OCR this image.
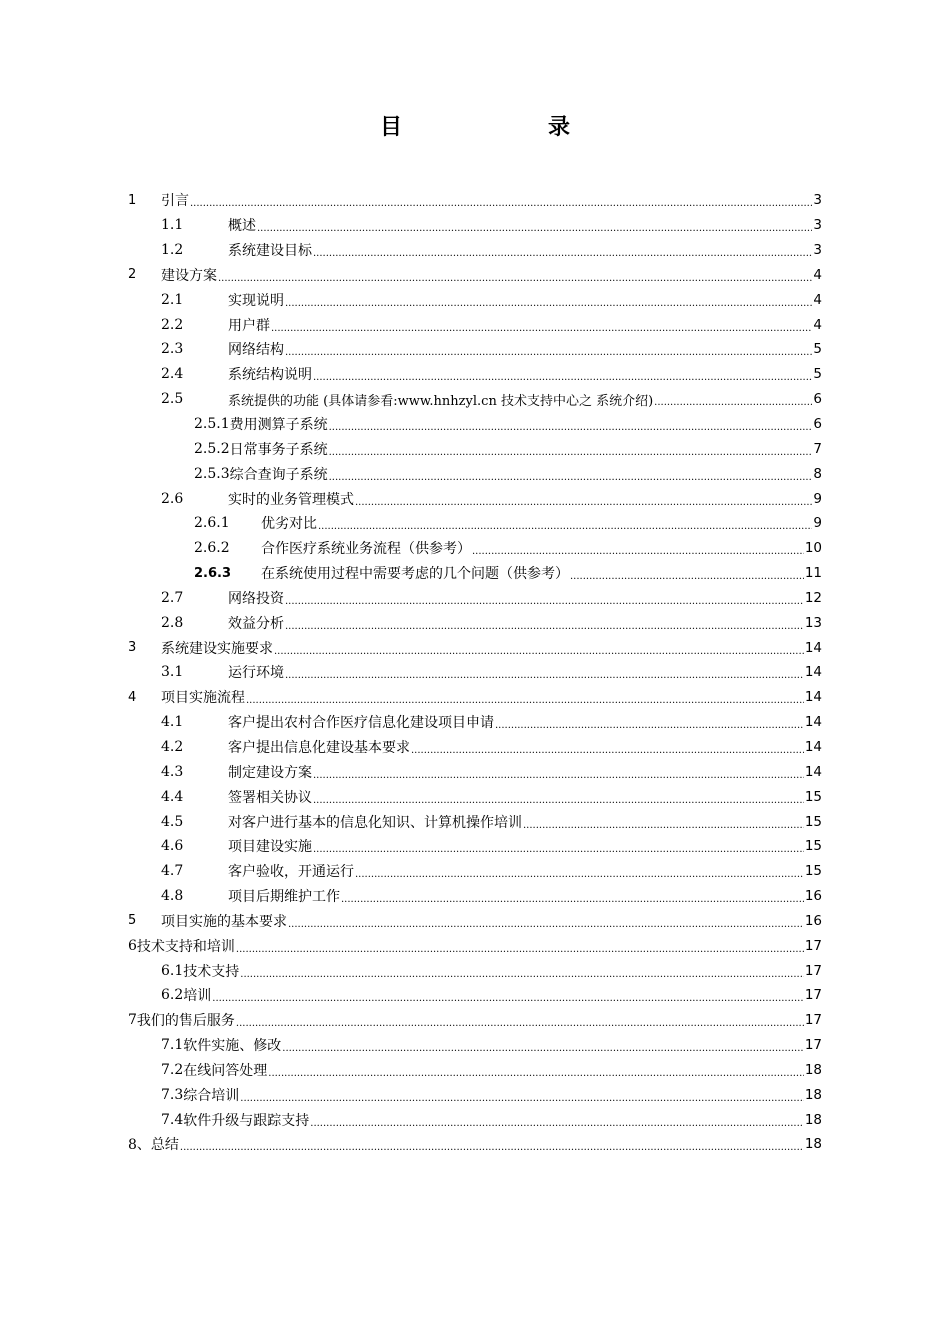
目　录
1	引言 .....	3
1.1	概述 .....	3
1.2	系统建设目标 .....	3
2	建设方案 .....	4
2.1	实现说明 .....	4
2.2	用户群 .....	4
2.3	网络结构 .....	5
2.4	系统结构说明 .....	5
2.5	系统提供的功能 (具体请参看:www.hnhzyl.cn 技术支持中心之 系统介绍) .....	6
2.5.1 费用测算子系统 .....	6
2.5.2 日常事务子系统 .....	7
2.5.3 综合查询子系统 .....	8
2.6	实时的业务管理模式 .....	9
2.6.1	优劣对比 .....	9
2.6.2	合作医疗系统业务流程（供参考） .....	10
2.6.3	在系统使用过程中需要考虑的几个问题（供参考） .....	11
2.7	网络投资 .....	12
2.8	效益分析 .....	13
3	系统建设实施要求 .....	14
3.1	运行环境 .....	14
4	项目实施流程 .....	14
4.1	客户提出农村合作医疗信息化建设项目申请 .....	14
4.2	客户提出信息化建设基本要求 .....	14
4.3	制定建设方案 .....	14
4.4	签署相关协议 .....	15
4.5	对客户进行基本的信息化知识、计算机操作培训 .....	15
4.6	项目建设实施 .....	15
4.7	客户验收，开通运行 .....	15
4.8	项目后期维护工作 .....	16
5	项目实施的基本要求 .....	16
6 技术支持和培训 .....	17
6.1 技术支持 .....	17
6.2 培训 .....	17
7 我们的售后服务 .....	17
7.1 软件实施、修改 .....	17
7.2 在线问答处理 .....	18
7.3 综合培训 .....	18
7.4 软件升级与跟踪支持 .....	18
8、 总结 .....	18
